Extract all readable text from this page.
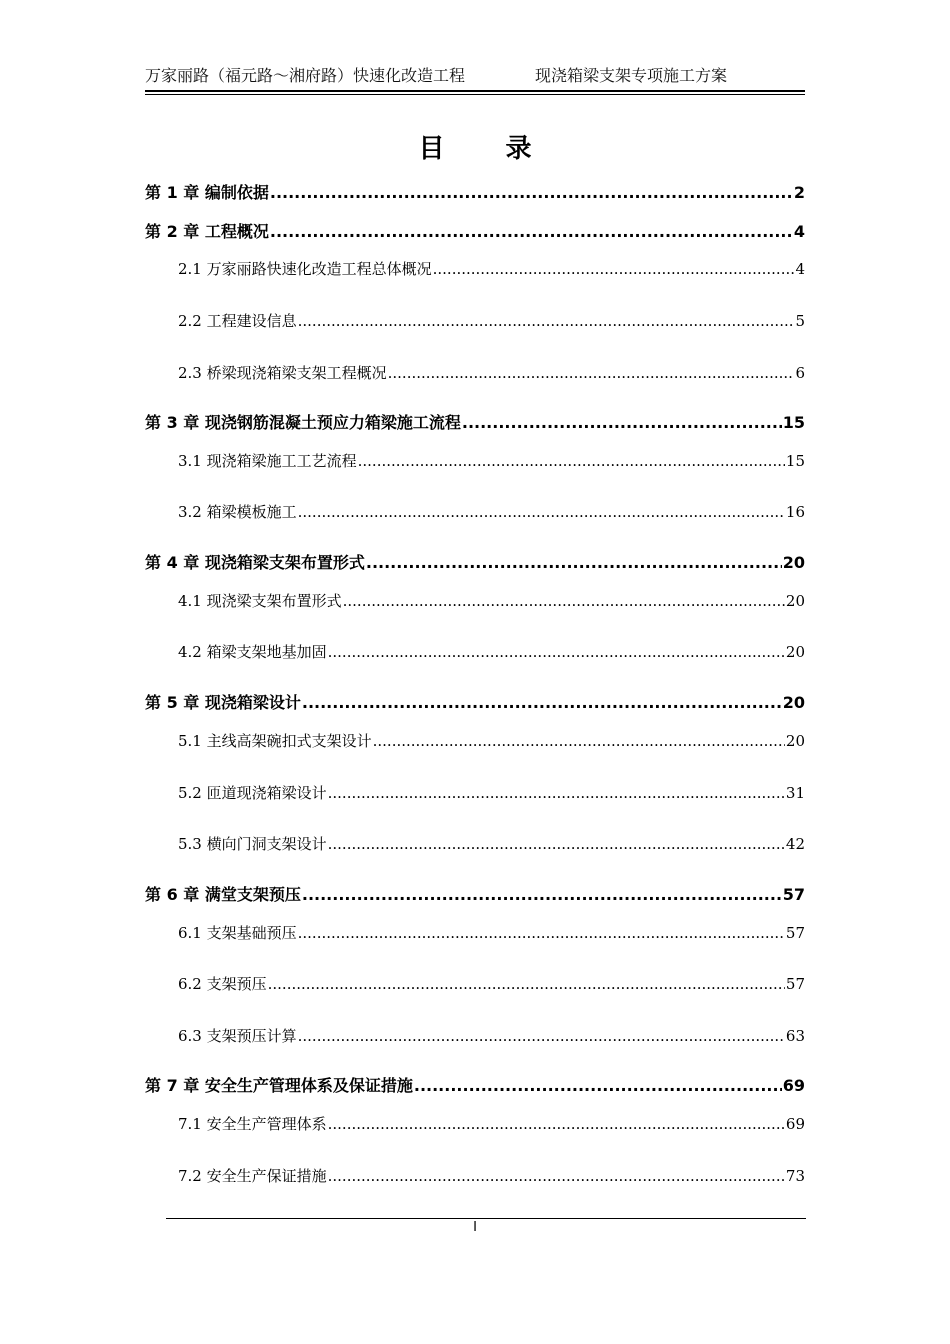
万家丽路（福元路～湘府路）快速化改造工程	现浇箱梁支架专项施工方案
目 录
第 1 章 编制依据 .....	2
第 2 章 工程概况 .....	4
2.1 万家丽路快速化改造工程总体概况 .....	4
2.2 工程建设信息 .....	5
2.3 桥梁现浇箱梁支架工程概况 .....	6
第 3 章 现浇钢筋混凝土预应力箱梁施工流程 .....	15
3.1 现浇箱梁施工工艺流程 .....	15
3.2 箱梁模板施工 .....	16
第 4 章 现浇箱梁支架布置形式 .....	20
4.1 现浇梁支架布置形式 .....	20
4.2 箱梁支架地基加固 .....	20
第 5 章 现浇箱梁设计 .....	20
5.1 主线高架碗扣式支架设计 .....	20
5.2 匝道现浇箱梁设计 .....	31
5.3 横向门洞支架设计 .....	42
第 6 章 满堂支架预压 .....	57
6.1 支架基础预压 .....	57
6.2 支架预压 .....	57
6.3 支架预压计算 .....	63
第 7 章 安全生产管理体系及保证措施 .....	69
7.1 安全生产管理体系 .....	69
7.2 安全生产保证措施 .....	73
I
